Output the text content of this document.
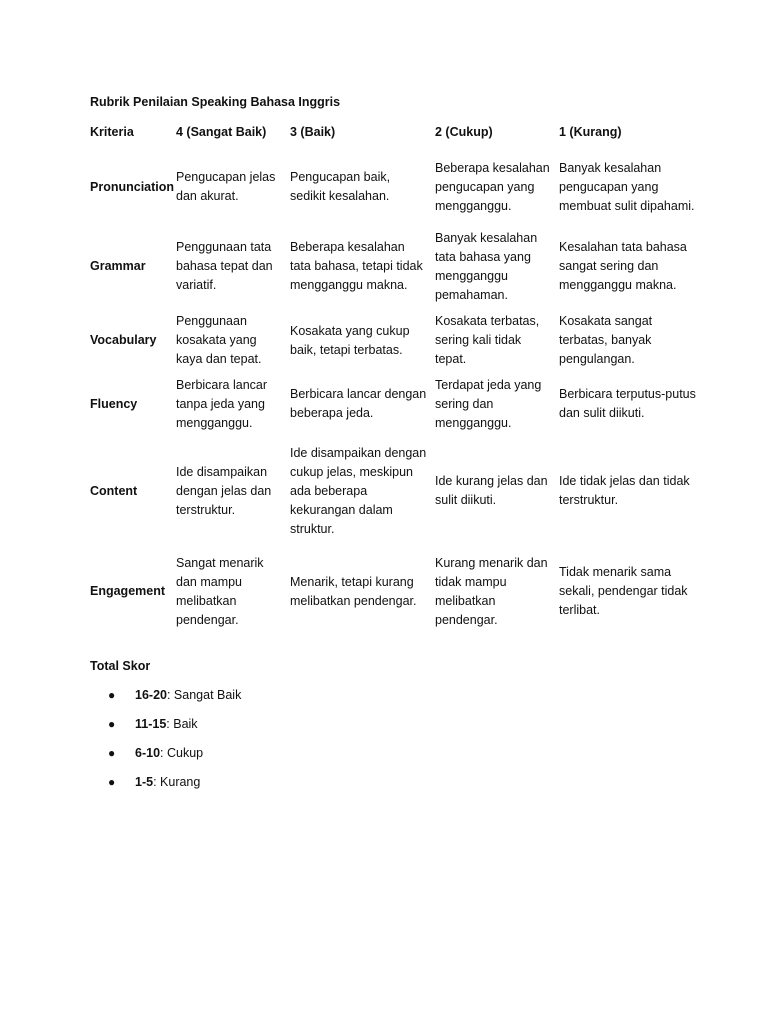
Rubrik Penilaian Speaking Bahasa Inggris
Kriteria	4 (Sangat Baik)	3 (Baik)	2 (Cukup)	1 (Kurang)
Pronunciation	Pengucapan jelas dan akurat.	Pengucapan baik, sedikit kesalahan.	Beberapa kesalahan pengucapan yang mengganggu.	Banyak kesalahan pengucapan yang membuat sulit dipahami.
Grammar	Penggunaan tata bahasa tepat dan variatif.	Beberapa kesalahan tata bahasa, tetapi tidak mengganggu makna.	Banyak kesalahan tata bahasa yang mengganggu pemahaman.	Kesalahan tata bahasa sangat sering dan mengganggu makna.
Vocabulary	Penggunaan kosakata yang kaya dan tepat.	Kosakata yang cukup baik, tetapi terbatas.	Kosakata terbatas, sering kali tidak tepat.	Kosakata sangat terbatas, banyak pengulangan.
Fluency	Berbicara lancar tanpa jeda yang mengganggu.	Berbicara lancar dengan beberapa jeda.	Terdapat jeda yang sering dan mengganggu.	Berbicara terputus-putus dan sulit diikuti.
Content	Ide disampaikan dengan jelas dan terstruktur.	Ide disampaikan dengan cukup jelas, meskipun ada beberapa kekurangan dalam struktur.	Ide kurang jelas dan sulit diikuti.	Ide tidak jelas dan tidak terstruktur.
Engagement	Sangat menarik dan mampu melibatkan pendengar.	Menarik, tetapi kurang melibatkan pendengar.	Kurang menarik dan tidak mampu melibatkan pendengar.	Tidak menarik sama sekali, pendengar tidak terlibat.
Total Skor
● 16-20: Sangat Baik
● 11-15: Baik
● 6-10: Cukup
● 1-5: Kurang
